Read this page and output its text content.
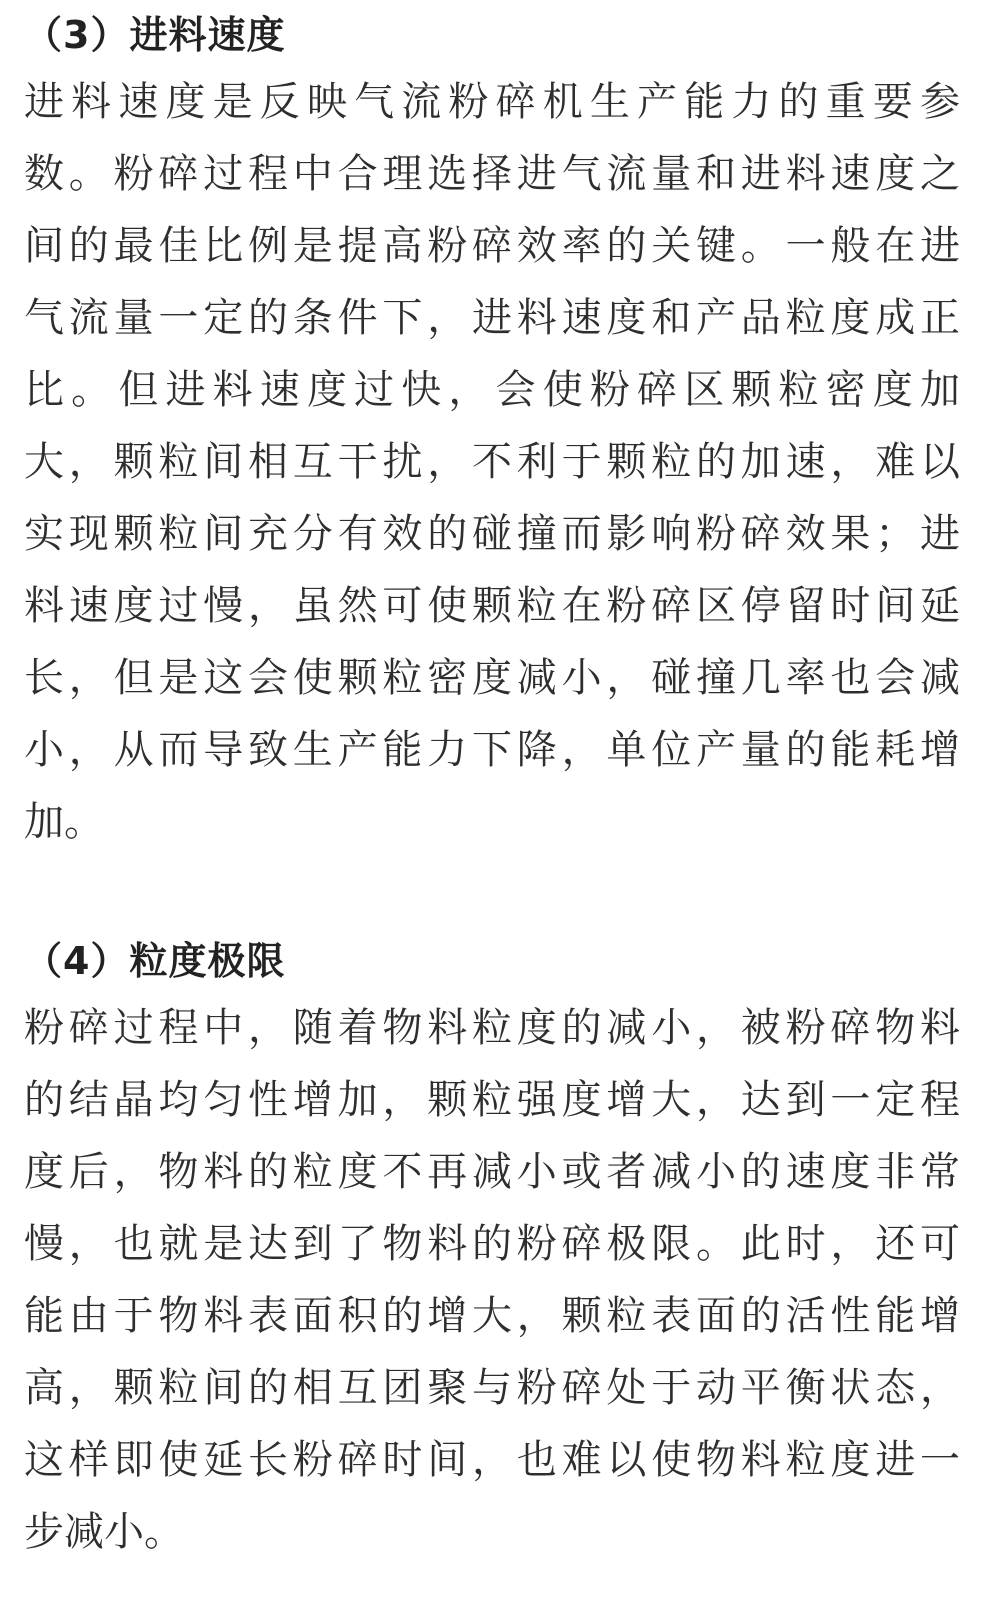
（3）进料速度

进料速度是反映气流粉碎机生产能力的重要参

数。粉碎过程中合理选择进气流量和进料速度之

间的最佳比例是提高粉碎效率的关键。一般在进

气流量一定的条件下，进料速度和产品粒度成正

比。但进料速度过快，会使粉碎区颗粒密度加

大，颗粒间相互干扰，不利于颗粒的加速，难以

实现颗粒间充分有效的碰撞而影响粉碎效果；进

料速度过慢，虽然可使颗粒在粉碎区停留时间延

长，但是这会使颗粒密度减小，碰撞几率也会减

小，从而导致生产能力下降，单位产量的能耗增

加。

（4）粒度极限

粉碎过程中，随着物料粒度的减小，被粉碎物料

的结晶均匀性增加，颗粒强度增大，达到一定程

度后，物料的粒度不再减小或者减小的速度非常

慢，也就是达到了物料的粉碎极限。此时，还可

能由于物料表面积的增大，颗粒表面的活性能增

高，颗粒间的相互团聚与粉碎处于动平衡状态，

这样即使延长粉碎时间，也难以使物料粒度进一

步减小。
